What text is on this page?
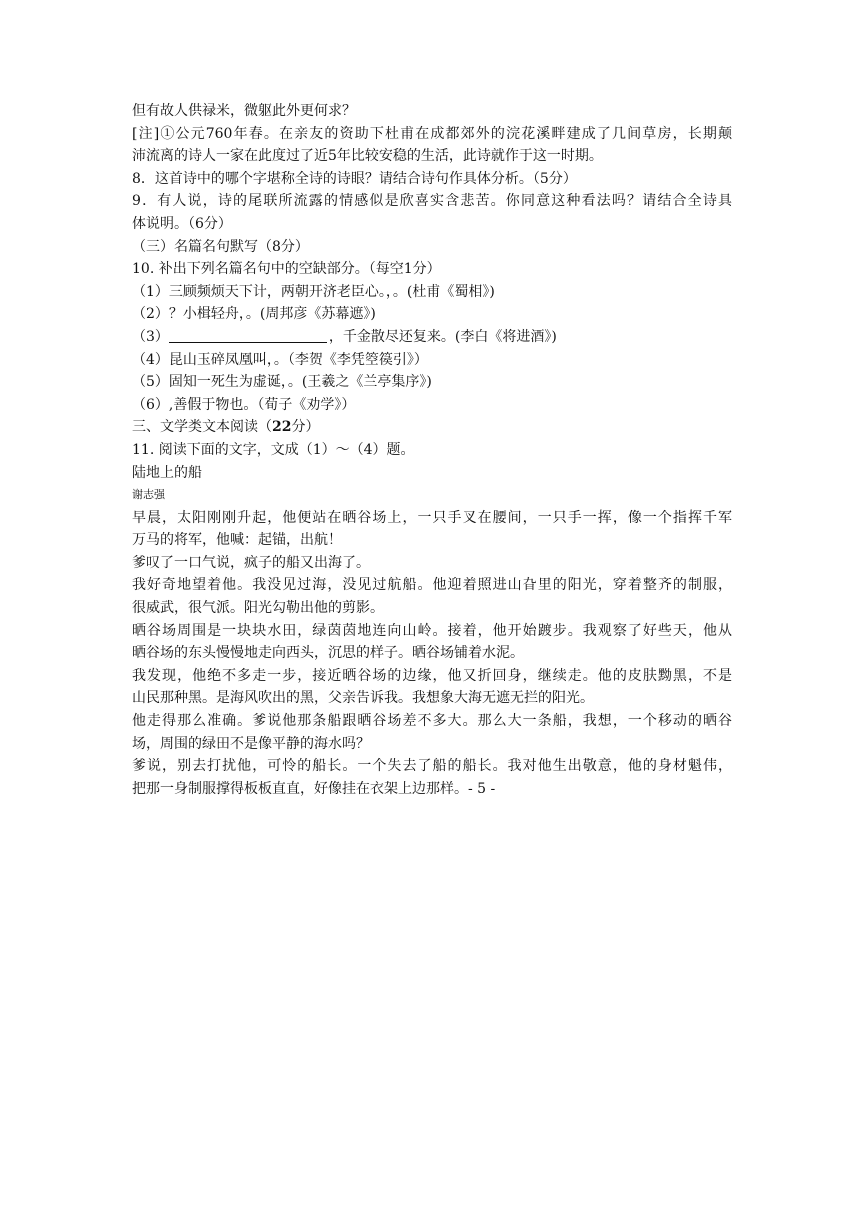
但有故人供禄米，微躯此外更何求？

[注]①公元760年春。在亲友的资助下杜甫在成都郊外的浣花溪畔建成了几间草房，长期颠

沛流离的诗人一家在此度过了近5年比较安稳的生活，此诗就作于这一时期。

8．这首诗中的哪个字堪称全诗的诗眼？请结合诗句作具体分析。（5分）

9．有人说，诗的尾联所流露的情感似是欣喜实含悲苦。你同意这种看法吗？请结合全诗具

体说明。（6分）

（三）名篇名句默写（8分）

10. 补出下列名篇名句中的空缺部分。（每空1分）

（1）三顾频烦天下计，两朝开济老臣心。，。(杜甫《蜀相》)

（2）？小楫轻舟，。(周邦彦《苏幕遮》)

（3）	，千金散尽还复来。(李白《将进酒》)

（4）昆山玉碎凤凰叫，。（李贺《李凭箜篌引》）

（5）固知一死生为虚诞，。(王羲之《兰亭集序》)

（6）,善假于物也。（荀子《劝学》）

三、文学类文本阅读（22分）

11. 阅读下面的文字，文成（1）～（4）题。

陆地上的船

谢志强

早晨，太阳刚刚升起，他便站在晒谷场上，一只手叉在腰间，一只手一挥，像一个指挥千军

万马的将军，他喊：起锚，出航！

爹叹了一口气说，疯子的船又出海了。

我好奇地望着他。我没见过海，没见过航船。他迎着照进山旮里的阳光，穿着整齐的制服，

很威武，很气派。阳光勾勒出他的剪影。

晒谷场周围是一块块水田，绿茵茵地连向山岭。接着，他开始踱步。我观察了好些天，他从

晒谷场的东头慢慢地走向西头，沉思的样子。晒谷场铺着水泥。

我发现，他绝不多走一步，接近晒谷场的边缘，他又折回身，继续走。他的皮肤黝黑，不是

山民那种黑。是海风吹出的黑，父亲告诉我。我想象大海无遮无拦的阳光。

他走得那么准确。爹说他那条船跟晒谷场差不多大。那么大一条船，我想，一个移动的晒谷

场，周围的绿田不是像平静的海水吗？

爹说，别去打扰他，可怜的船长。一个失去了船的船长。我对他生出敬意，他的身材魁伟，

把那一身制服撑得板板直直，好像挂在衣架上边那样。- 5 -
